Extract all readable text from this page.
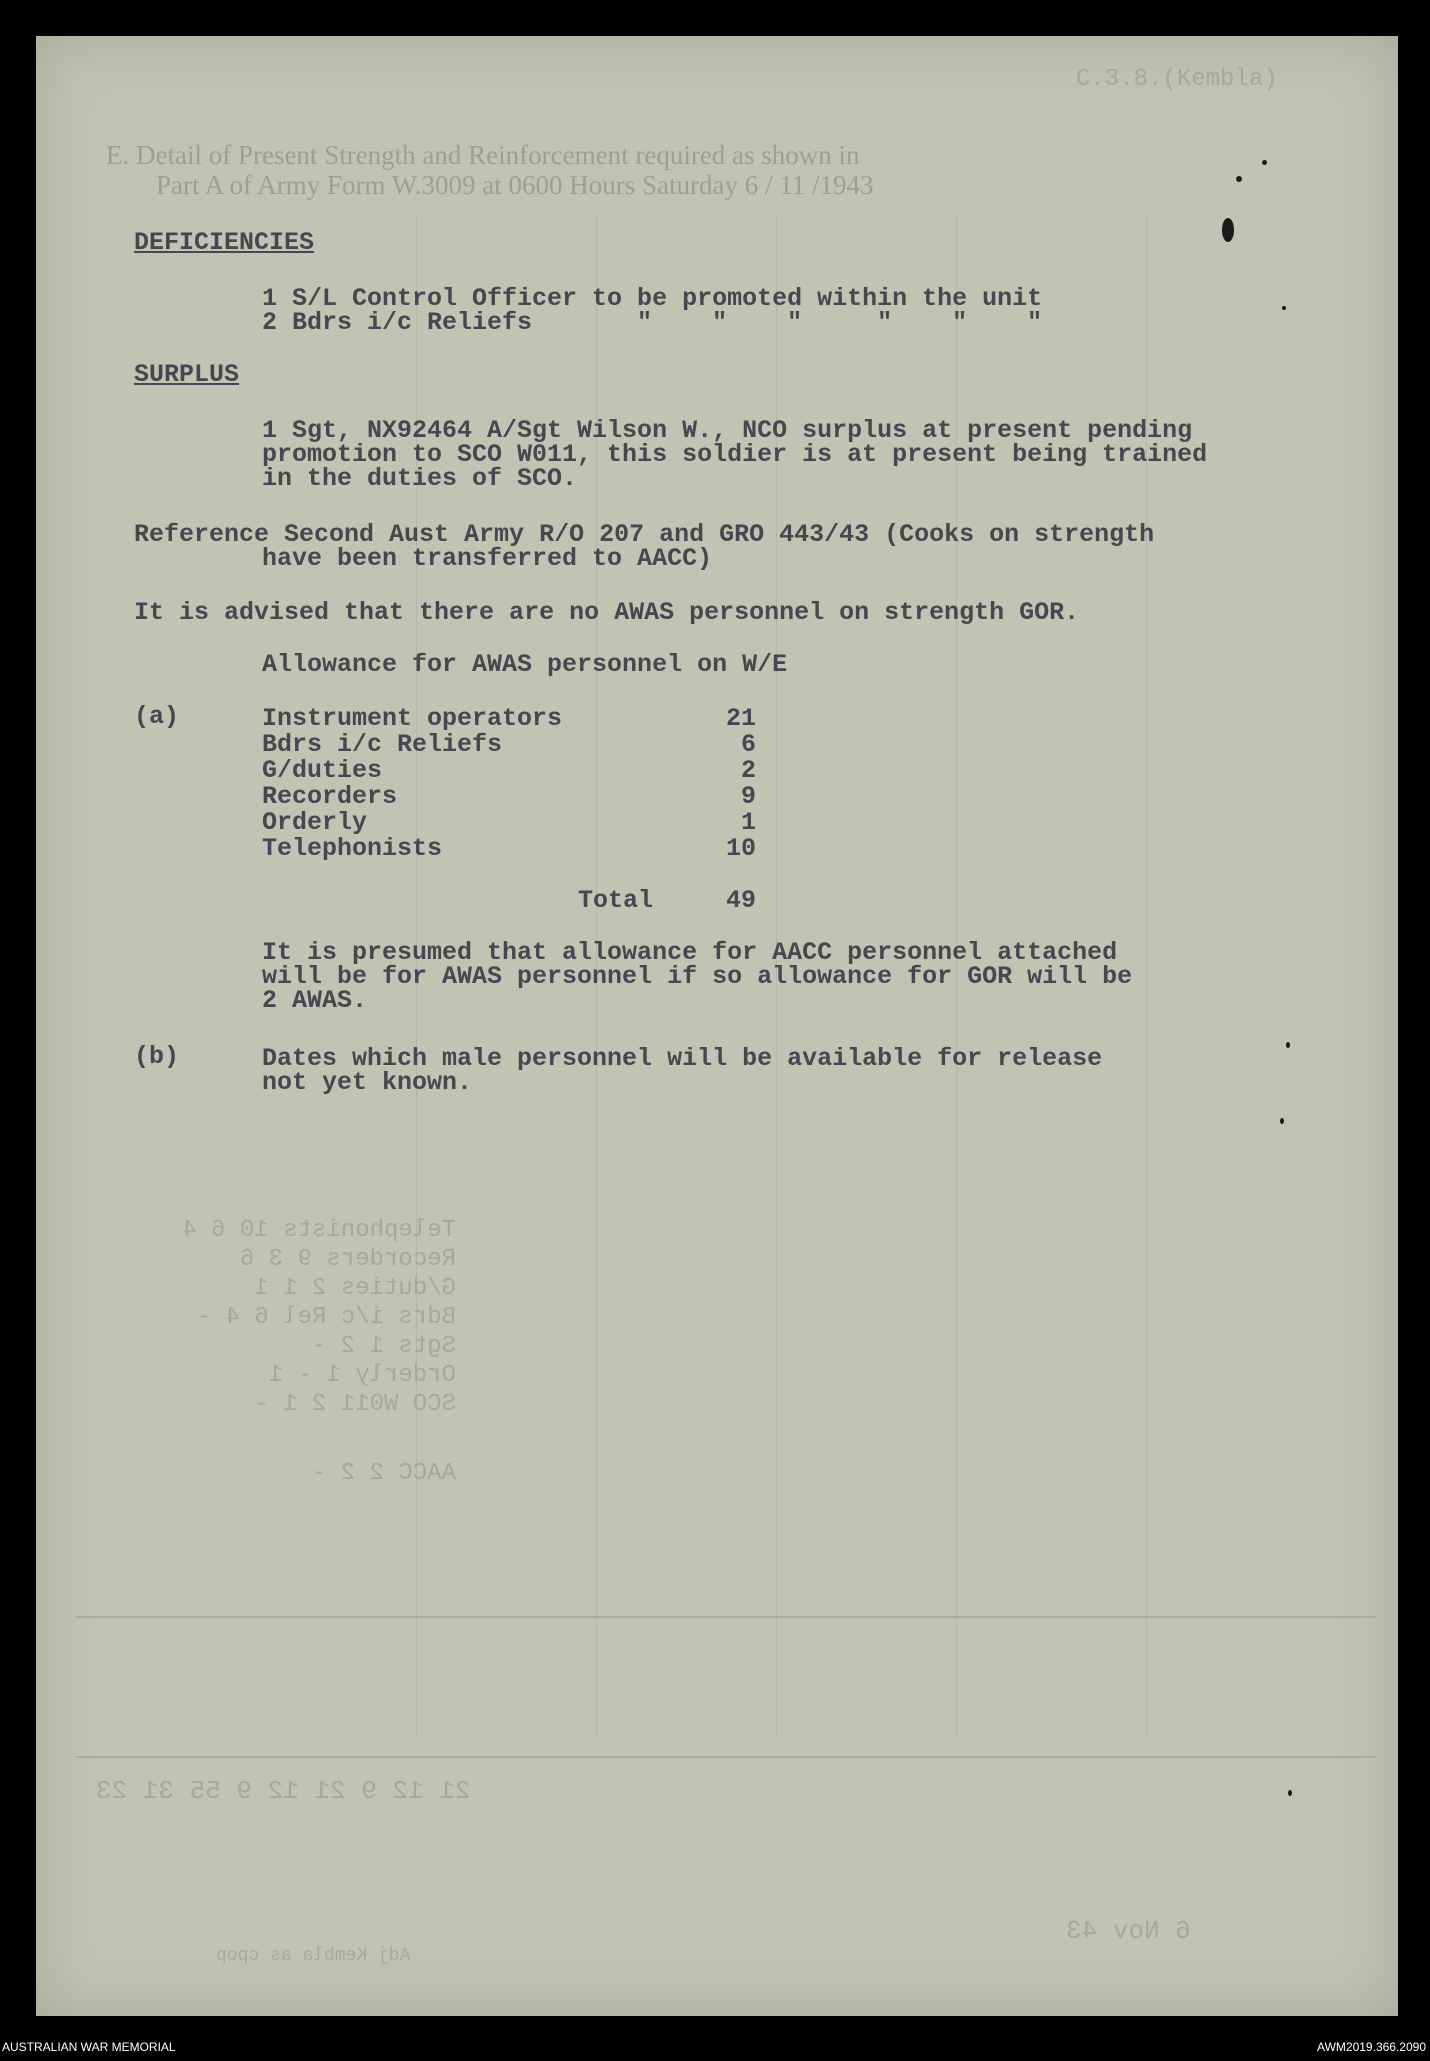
E. Detail of Present Strength and Reinforcement required as shown in
Part A of Army Form W.3009 at 0600 Hours Saturday 6 / 11 /1943
C.3.8.(Kembla)
Telephonists 10 6 4
Recorders 9 3 6
G/duties 2 1 1
Bdrs i/c Rel 6 4 -
Sgts 1 2 -
Orderly 1 - 1
SCO W011 2 1 -
AACC 2 2 -
21 12 9 21 12 9 55 31 23
6 Nov 43
Adj Kembla as cpop
DEFICIENCIES
1 S/L Control Officer to be promoted within the unit
2 Bdrs i/c Reliefs       "    "    "     "    "    "
SURPLUS
1 Sgt, NX92464 A/Sgt Wilson W., NCO surplus at present pending
promotion to SCO W011, this soldier is at present being trained
in the duties of SCO.
Reference Second Aust Army R/O 207 and GRO 443/43 (Cooks on strength
have been transferred to AACC)
It is advised that there are no AWAS personnel on strength GOR.
Allowance for AWAS personnel on W/E
(a)	Instrument operators	21
Bdrs i/c Reliefs	6
G/duties	2
Recorders	9
Orderly	1
Telephonists	10
Total	49
It is presumed that allowance for AACC personnel attached
will be for AWAS personnel if so allowance for GOR will be
2 AWAS.
(b)	Dates which male personnel will be available for release
not yet known.
AUSTRALIAN WAR MEMORIAL	AWM2019.366.2090
